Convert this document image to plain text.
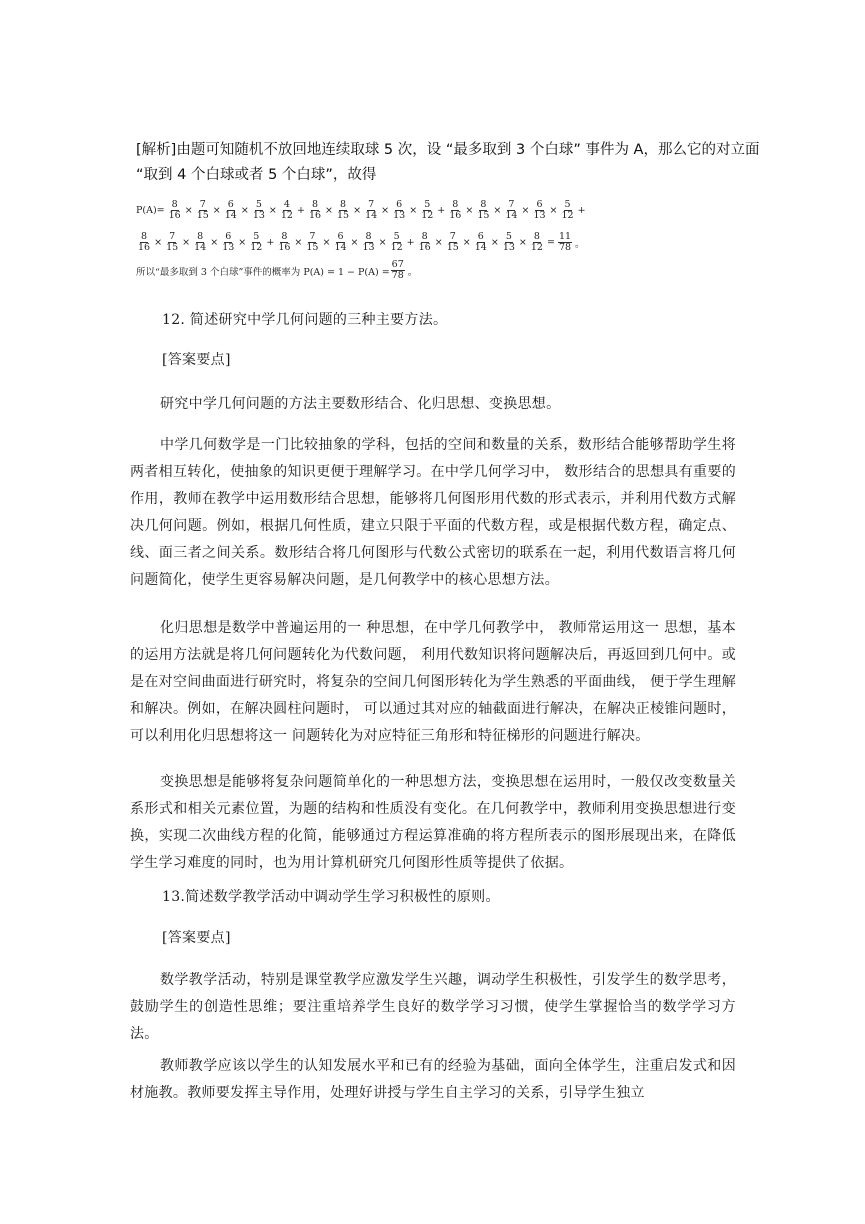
[解析]由题可知随机不放回地连续取球 5 次，设 “最多取到 3 个白球” 事件为 A，那么它的对立面 “取到 4 个白球或者 5 个白球”，故得

$P(A)= \frac{8}{16} \times \frac{7}{15} \times \frac{6}{14} \times \frac{5}{13} \times \frac{4}{12} + \frac{8}{16} \times \frac{8}{15} \times \frac{7}{14} \times \frac{6}{13} \times \frac{5}{12} + \frac{8}{16} \times \frac{8}{15} \times \frac{7}{14} \times \frac{6}{13} \times \frac{5}{12}$ +
$\frac{8}{16} \times \frac{7}{15} \times \frac{8}{14} \times \frac{6}{13} \times \frac{5}{12} + \frac{8}{16} \times \frac{7}{15} \times \frac{6}{14} \times \frac{8}{13} \times \frac{5}{12} + \frac{8}{16} \times \frac{7}{15} \times \frac{6}{14} \times \frac{5}{13} \times \frac{8}{12} = \frac{11}{78}$ 。
所以“最多取到 3 个白球”事件的概率为 $P(A) = 1 - P(A) = \frac{67}{78}$ 。
12. 简述研究中学几何问题的三种主要方法。
[答案要点]

研究中学几何问题的方法主要数形结合、化归思想、变换思想。

中学几何数学是一门比较抽象的学科，包括的空间和数量的关系，数形结合能够帮助学生将两者相互转化，使抽象的知识更便于理解学习。在中学几何学习中， 数形结合的思想具有重要的作用，教师在教学中运用数形结合思想，能够将几何图形用代数的形式表示，并利用代数方式解决几何问题。例如，根据几何性质，建立只限于平面的代数方程，或是根据代数方程，确定点、线、面三者之间关系。数形结合将几何图形与代数公式密切的联系在一起，利用代数语言将几何问题简化，使学生更容易解决问题，是几何教学中的核心思想方法。

化归思想是数学中普遍运用的一 种思想，在中学几何教学中， 教师常运用这一 思想，基本的运用方法就是将几何问题转化为代数问题， 利用代数知识将问题解决后，再返回到几何中。或是在对空间曲面进行研究时，将复杂的空间几何图形转化为学生熟悉的平面曲线， 便于学生理解和解决。例如，在解决圆柱问题时， 可以通过其对应的轴截面进行解决，在解决正棱锥问题时，可以利用化归思想将这一 问题转化为对应特征三角形和特征梯形的问题进行解决。

变换思想是能够将复杂问题简单化的一种思想方法，变换思想在运用时，一般仅改变数量关系形式和相关元素位置，为题的结构和性质没有变化。在几何教学中，教师利用变换思想进行变换，实现二次曲线方程的化简，能够通过方程运算准确的将方程所表示的图形展现出来，在降低学生学习难度的同时，也为用计算机研究几何图形性质等提供了依据。

13.简述数学教学活动中调动学生学习积极性的原则。
[答案要点]

数学教学活动，特别是课堂教学应激发学生兴趣，调动学生积极性，引发学生的数学思考，鼓励学生的创造性思维；要注重培养学生良好的数学学习习惯，使学生掌握恰当的数学学习方法。

教师教学应该以学生的认知发展水平和已有的经验为基础，面向全体学生，注重启发式和因材施教。教师要发挥主导作用，处理好讲授与学生自主学习的关系，引导学生独立
